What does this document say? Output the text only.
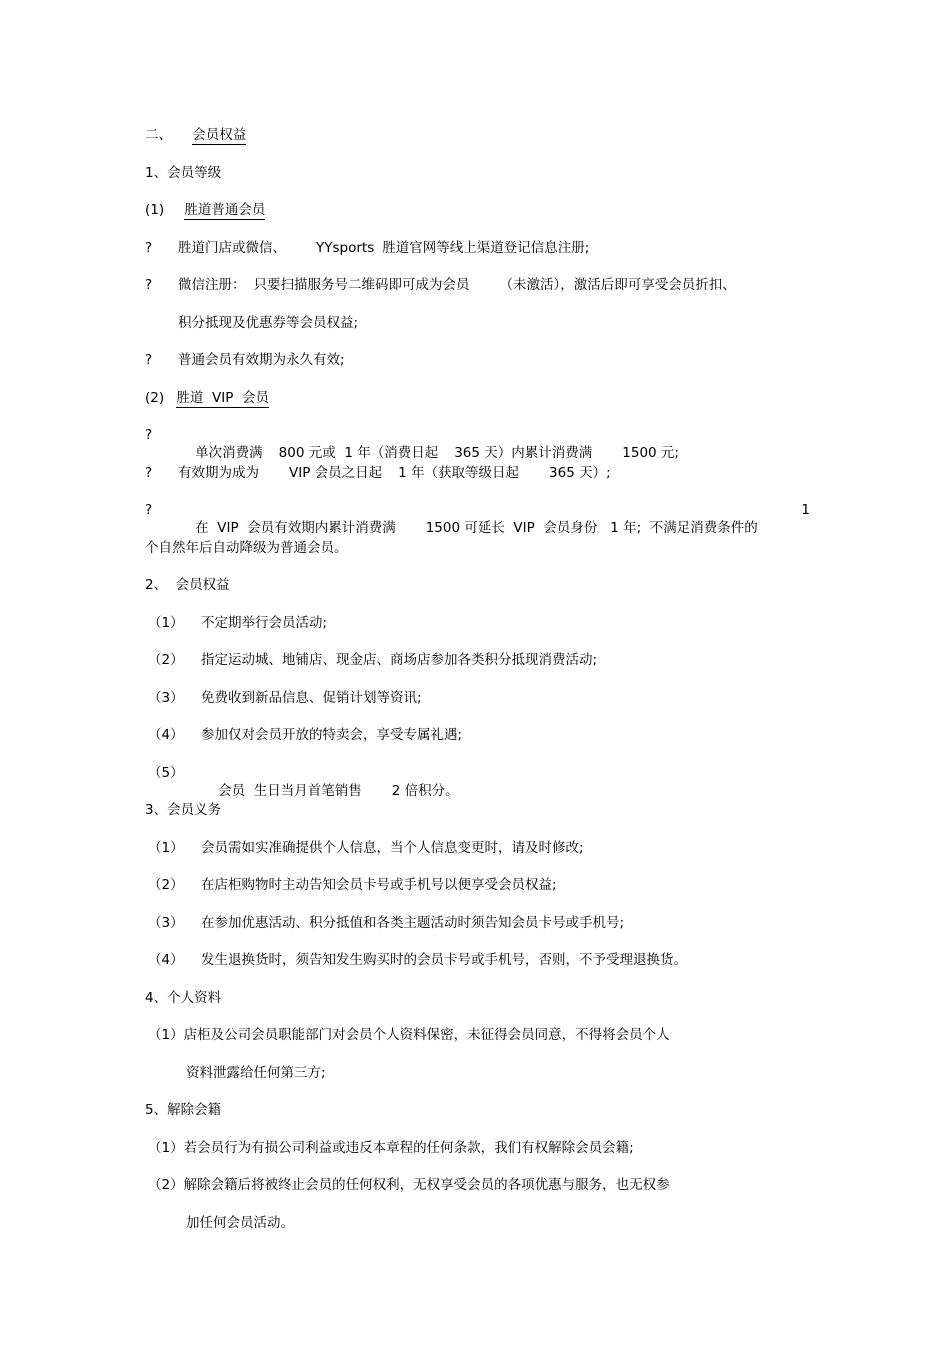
二、 会员权益
1、会员等级
(1) 胜道普通会员
? 胜道门店或微信、 YYsports 胜道官网等线上渠道登记信息注册;
? 微信注册： 只要扫描服务号二维码即可成为会员 （未激活），激活后即可享受会员折扣、
积分抵现及优惠券等会员权益;
? 普通会员有效期为永久有效;
(2) 胜道  VIP  会员
?

单次消费满 800 元或  1 年（消费日起 365 天）内累计消费满 1500 元;

? 有效期为成为 VIP 会员之日起 1 年（获取等级日起 365 天）;
?

在  VIP  会员有效期内累计消费满 1500 可延长  VIP  会员身份   1 年;  不满足消费条件的

1
个自然年后自动降级为普通会员。
2、  会员权益
（1） 不定期举行会员活动;
（2） 指定运动城、地铺店、现金店、商场店参加各类积分抵现消费活动;
（3） 免费收到新品信息、促销计划等资讯;
（4） 参加仅对会员开放的特卖会，享受专属礼遇;
（5）

会员  生日当月首笔销售 2 倍积分。

3、会员义务
（1） 会员需如实准确提供个人信息，当个人信息变更时，请及时修改;
（2） 在店柜购物时主动告知会员卡号或手机号以便享受会员权益;
（3） 在参加优惠活动、积分抵值和各类主题活动时须告知会员卡号或手机号;
（4） 发生退换货时，须告知发生购买时的会员卡号或手机号，否则，不予受理退换货。
4、个人资料
（1）店柜及公司会员职能部门对会员个人资料保密，未征得会员同意，不得将会员个人
资料泄露给任何第三方;
5、解除会籍
（1）若会员行为有损公司利益或违反本章程的任何条款，我们有权解除会员会籍;
（2）解除会籍后将被终止会员的任何权利，无权享受会员的各项优惠与服务，也无权参
加任何会员活动。
